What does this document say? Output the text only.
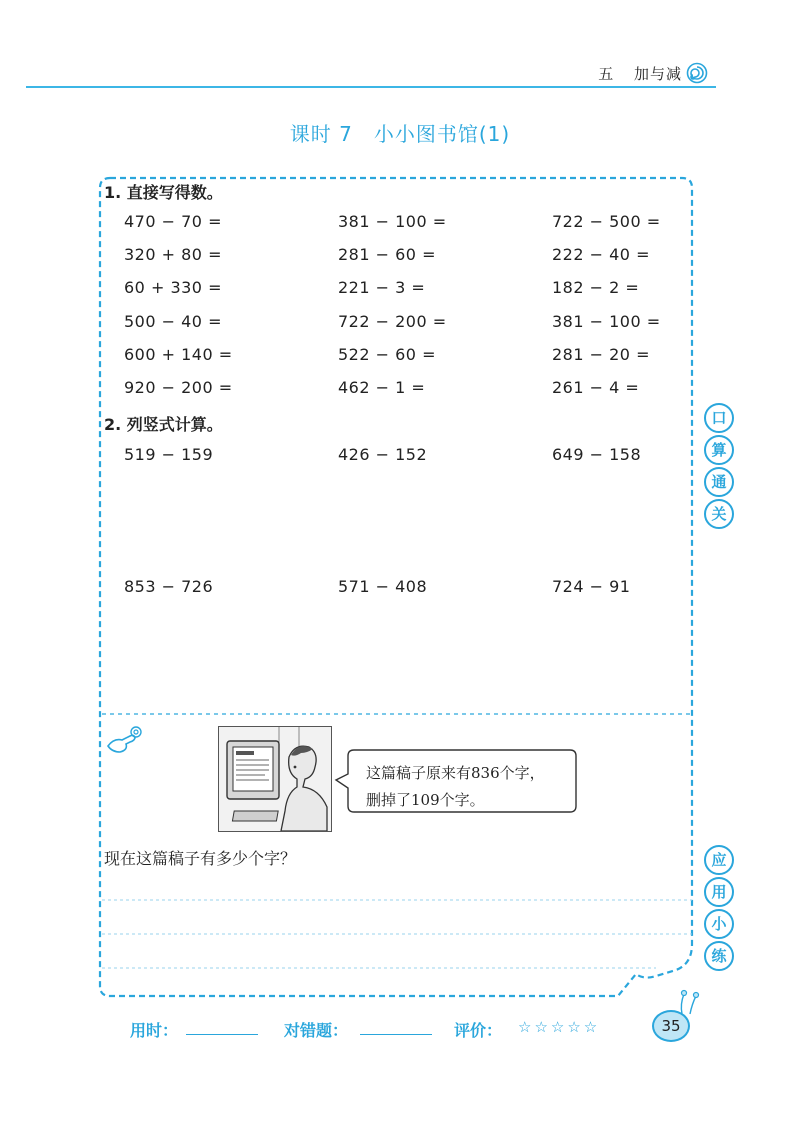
五 加与减
课时 7　小小图书馆(1)
1. 直接写得数。
470 − 70 =	381 − 100 =	722 − 500 =
320 + 80 =	281 − 60 =	222 − 40 =
60 + 330 =	221 − 3 =	182 − 2 =
500 − 40 =	722 − 200 =	381 − 100 =
600 + 140 =	522 − 60 =	281 − 20 =
920 − 200 =	462 − 1 =	261 − 4 =
2. 列竖式计算。
519 − 159	426 − 152	649 − 158
853 − 726	571 − 408	724 − 91
口
算
通
关
应
用
小
练
这篇稿子原来有836个字，
删掉了109个字。
现在这篇稿子有多少个字？
用时：	对错题：	评价： ☆☆☆☆☆	35
